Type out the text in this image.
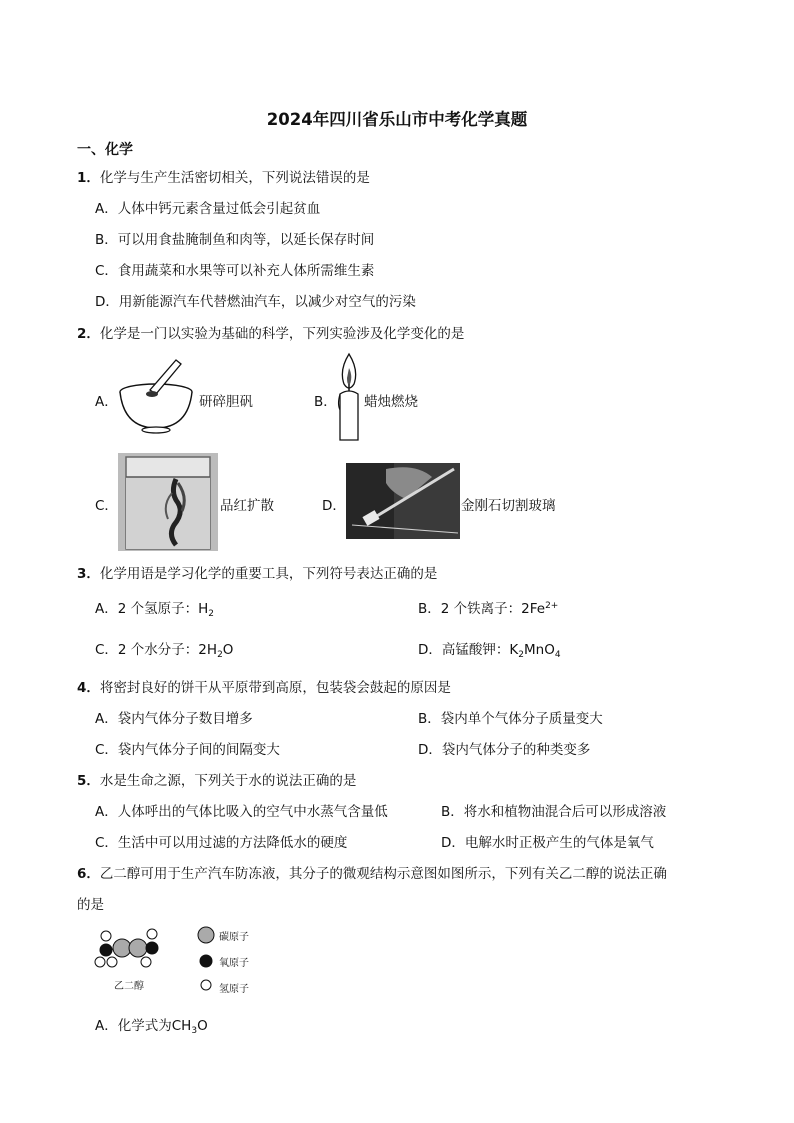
2024年四川省乐山市中考化学真题
一、化学
1．化学与生产生活密切相关，下列说法错误的是
A．人体中钙元素含量过低会引起贫血
B．可以用食盐腌制鱼和肉等，以延长保存时间
C．食用蔬菜和水果等可以补充人体所需维生素
D．用新能源汽车代替燃油汽车，以减少对空气的污染
2．化学是一门以实验为基础的科学，下列实验涉及化学变化的是
A．	研碎胆矾	B． 蜡烛燃烧
C．	品红扩散	D．	金刚石切割玻璃
3．化学用语是学习化学的重要工具，下列符号表达正确的是
A．2 个氢原子：$H_2$	B．2 个铁离子：$2Fe^{2+}$
C．2 个水分子：$2H_2O$	D．高锰酸钾：$K_2MnO_4$
4．将密封良好的饼干从平原带到高原，包装袋会鼓起的原因是
A．袋内气体分子数目增多	B．袋内单个气体分子质量变大
C．袋内气体分子间的间隔变大	D．袋内气体分子的种类变多
5．水是生命之源，下列关于水的说法正确的是
A．人体呼出的气体比吸入的空气中水蒸气含量低	B．将水和植物油混合后可以形成溶液
C．生活中可以用过滤的方法降低水的硬度	D．电解水时正极产生的气体是氧气
6．乙二醇可用于生产汽车防冻液，其分子的微观结构示意图如图所示，下列有关乙二醇的说法正确
的是
乙二醇
碳原子
氧原子
氢原子
A．化学式为$CH_3O$
